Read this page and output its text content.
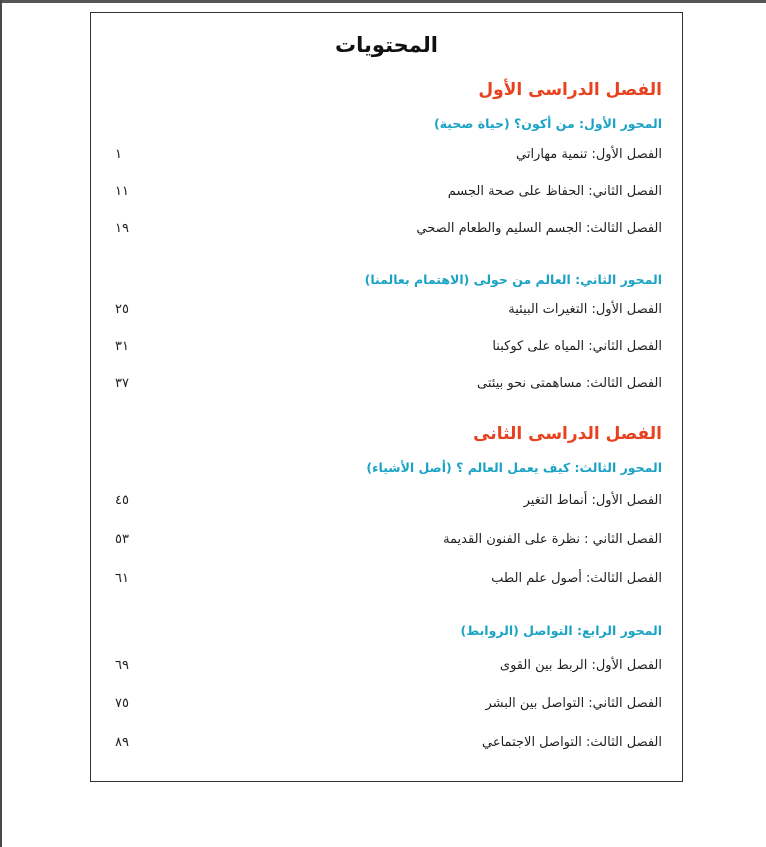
المحتويات
الفصل الدراسى الأول
المحور الأول: من أكون؟ (حياة صحية)
الفصل الأول: تنمية مهاراتي
١
الفصل الثاني: الحفاظ على صحة الجسم
١١
الفصل الثالث: الجسم السليم والطعام الصحي
١٩
المحور الثاني: العالم من حولى (الاهتمام بعالمنا)
الفصل الأول: التغيرات البيئية
٢٥
الفصل الثاني: المياه على كوكبنا
٣١
الفصل الثالث: مساهمتى نحو بيئتى
٣٧
الفصل الدراسى الثانى
المحور الثالث: كيف يعمل العالم ؟ (أصل الأشياء)
الفصل الأول: أنماط التغير
٤٥
الفصل الثاني : نظرة على الفنون القديمة
٥٣
الفصل الثالث: أصول علم الطب
٦١
المحور الرابع: التواصل (الروابط)
الفصل الأول: الربط بين القوى
٦٩
الفصل الثاني: التواصل بين البشر
٧٥
الفصل الثالث: التواصل الاجتماعي
٨٩
